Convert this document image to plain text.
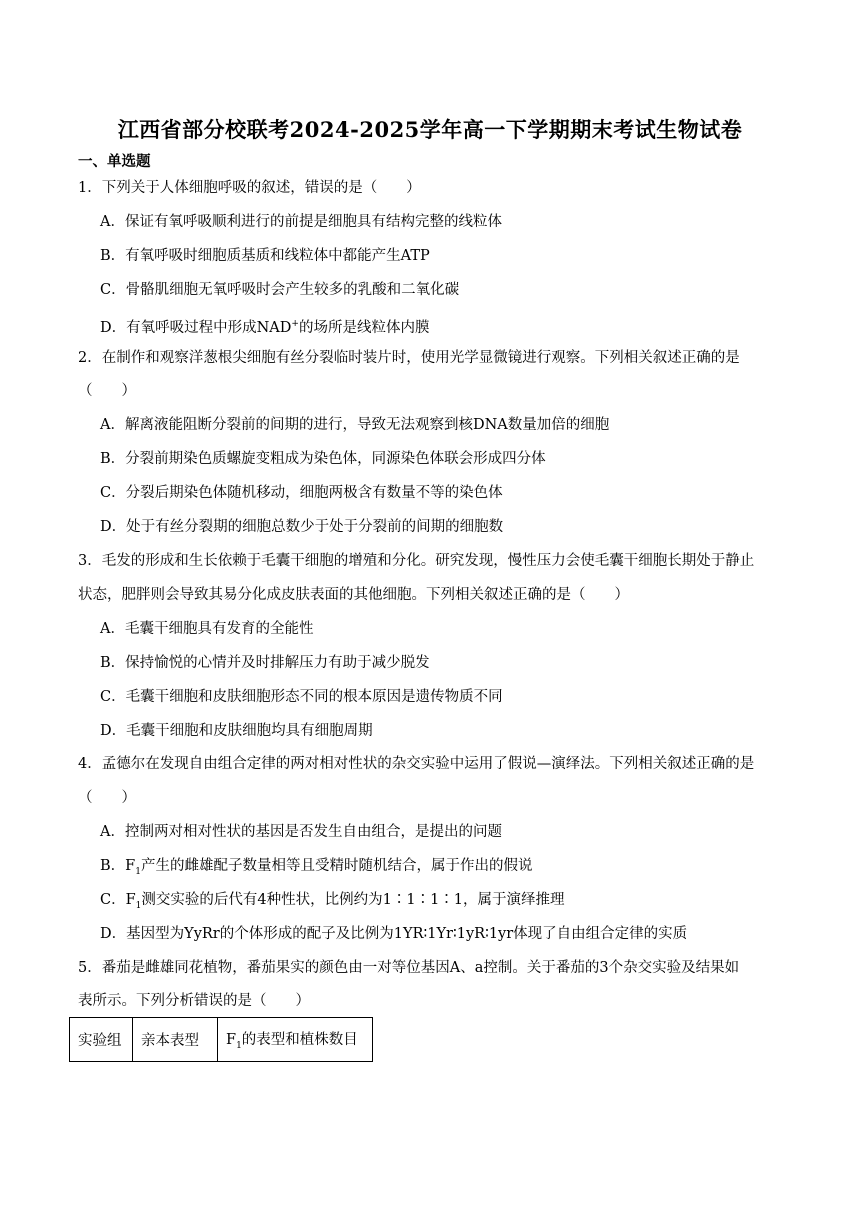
江西省部分校联考2024-2025学年高一下学期期末考试生物试卷
一、单选题
1．下列关于人体细胞呼吸的叙述，错误的是（　　）
A．保证有氧呼吸顺利进行的前提是细胞具有结构完整的线粒体
B．有氧呼吸时细胞质基质和线粒体中都能产生ATP
C．骨骼肌细胞无氧呼吸时会产生较多的乳酸和二氧化碳
D．有氧呼吸过程中形成NAD+的场所是线粒体内膜
2．在制作和观察洋葱根尖细胞有丝分裂临时装片时，使用光学显微镜进行观察。下列相关叙述正确的是
（　　）
A．解离液能阻断分裂前的间期的进行，导致无法观察到核DNA数量加倍的细胞
B．分裂前期染色质螺旋变粗成为染色体，同源染色体联会形成四分体
C．分裂后期染色体随机移动，细胞两极含有数量不等的染色体
D．处于有丝分裂期的细胞总数少于处于分裂前的间期的细胞数
3．毛发的形成和生长依赖于毛囊干细胞的增殖和分化。研究发现，慢性压力会使毛囊干细胞长期处于静止
状态，肥胖则会导致其易分化成皮肤表面的其他细胞。下列相关叙述正确的是（　　）
A．毛囊干细胞具有发育的全能性
B．保持愉悦的心情并及时排解压力有助于减少脱发
C．毛囊干细胞和皮肤细胞形态不同的根本原因是遗传物质不同
D．毛囊干细胞和皮肤细胞均具有细胞周期
4．孟德尔在发现自由组合定律的两对相对性状的杂交实验中运用了假说—演绎法。下列相关叙述正确的是
（　　）
A．控制两对相对性状的基因是否发生自由组合，是提出的问题
B．$F_1$产生的雌雄配子数量相等且受精时随机结合，属于作出的假说
C．$F_1$测交实验的后代有4种性状，比例约为1∶1∶1∶1，属于演绎推理
D．基因型为YyRr的个体形成的配子及比例为1YR∶1Yr∶1yR∶1yr体现了自由组合定律的实质
5．番茄是雌雄同花植物，番茄果实的颜色由一对等位基因A、a控制。关于番茄的3个杂交实验及结果如
表所示。下列分析错误的是（　　）
实验组	亲本表型	$F_1$的表型和植株数目
